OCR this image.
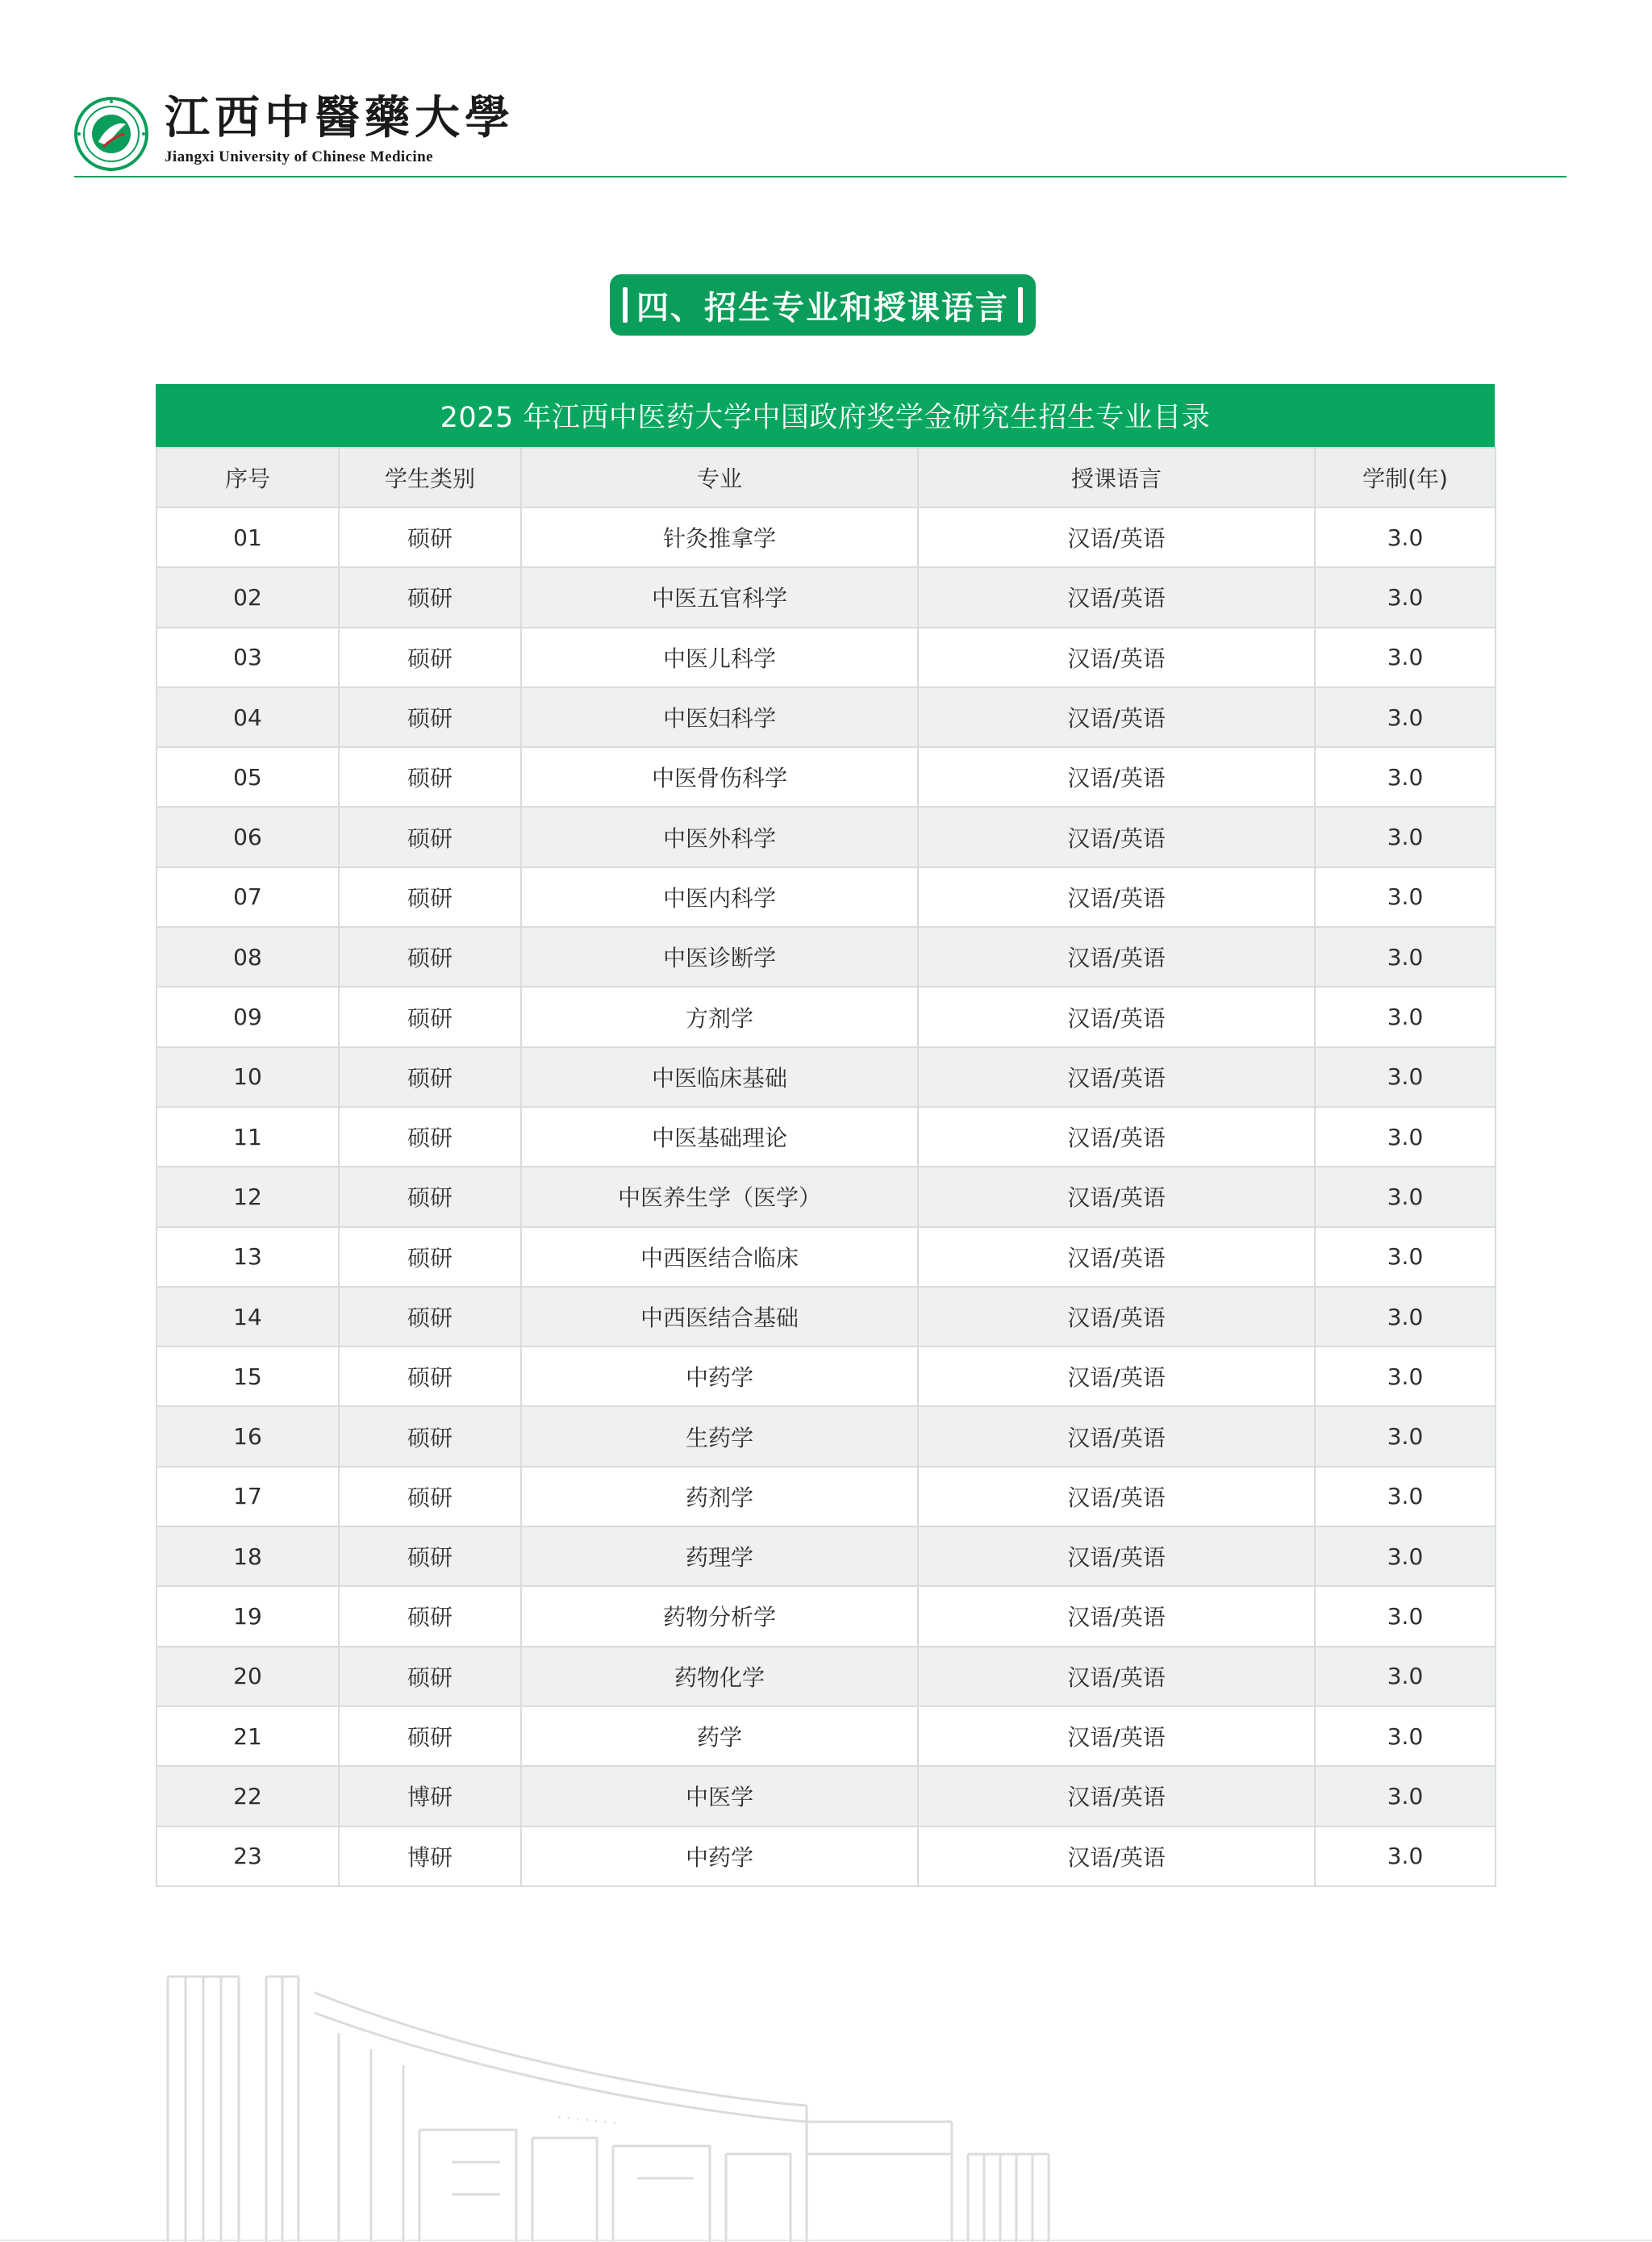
江西中醫藥大學
Jiangxi University of Chinese Medicine
四、招生专业和授课语言
2025 年江西中医药大学中国政府奖学金研究生招生专业目录
序号	学生类别	专业	授课语言	学制(年)
01	硕研	针灸推拿学	汉语/英语	3.0
02	硕研	中医五官科学	汉语/英语	3.0
03	硕研	中医儿科学	汉语/英语	3.0
04	硕研	中医妇科学	汉语/英语	3.0
05	硕研	中医骨伤科学	汉语/英语	3.0
06	硕研	中医外科学	汉语/英语	3.0
07	硕研	中医内科学	汉语/英语	3.0
08	硕研	中医诊断学	汉语/英语	3.0
09	硕研	方剂学	汉语/英语	3.0
10	硕研	中医临床基础	汉语/英语	3.0
11	硕研	中医基础理论	汉语/英语	3.0
12	硕研	中医养生学（医学）	汉语/英语	3.0
13	硕研	中西医结合临床	汉语/英语	3.0
14	硕研	中西医结合基础	汉语/英语	3.0
15	硕研	中药学	汉语/英语	3.0
16	硕研	生药学	汉语/英语	3.0
17	硕研	药剂学	汉语/英语	3.0
18	硕研	药理学	汉语/英语	3.0
19	硕研	药物分析学	汉语/英语	3.0
20	硕研	药物化学	汉语/英语	3.0
21	硕研	药学	汉语/英语	3.0
22	博研	中医学	汉语/英语	3.0
23	博研	中药学	汉语/英语	3.0
· · · · · · ·
